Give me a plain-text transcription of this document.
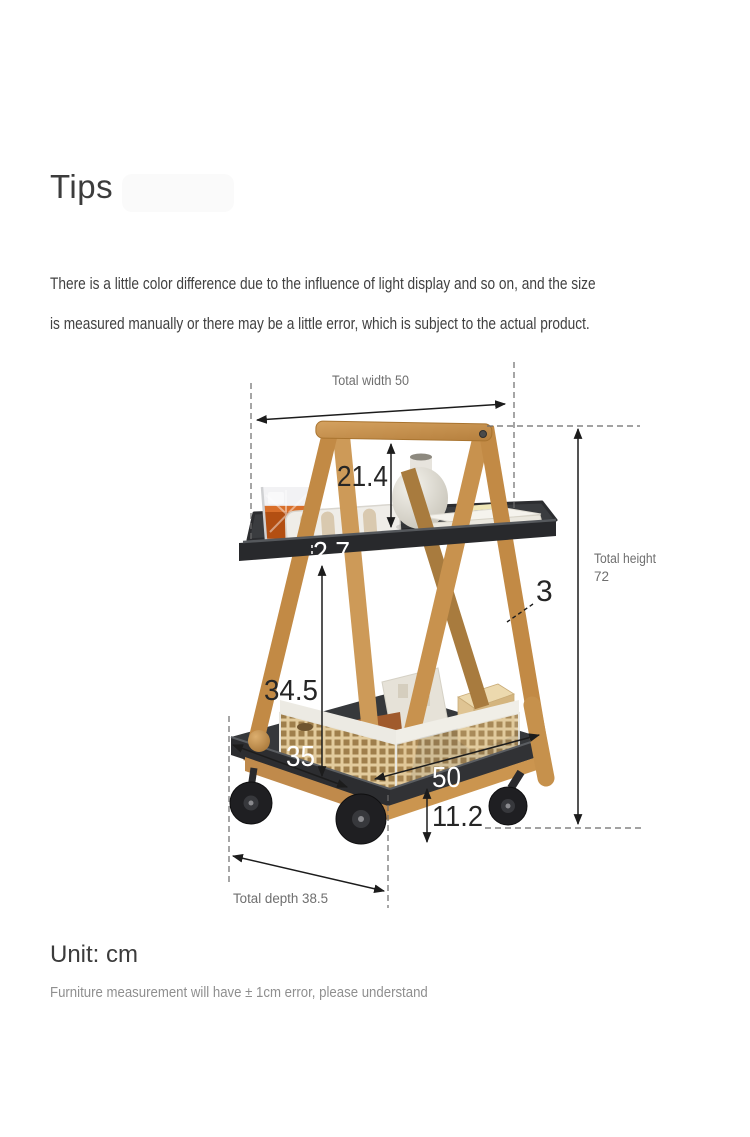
Tips
There is a little color difference due to the influence of light display and so on, and the size
is measured manually or there may be a little error, which is subject to the actual product.
Total width 50
Total height
72
Total depth 38.5
21.4
2.7
3
34.5
35
50
11.2
Unit: cm
Furniture measurement will have ± 1cm error, please understand
